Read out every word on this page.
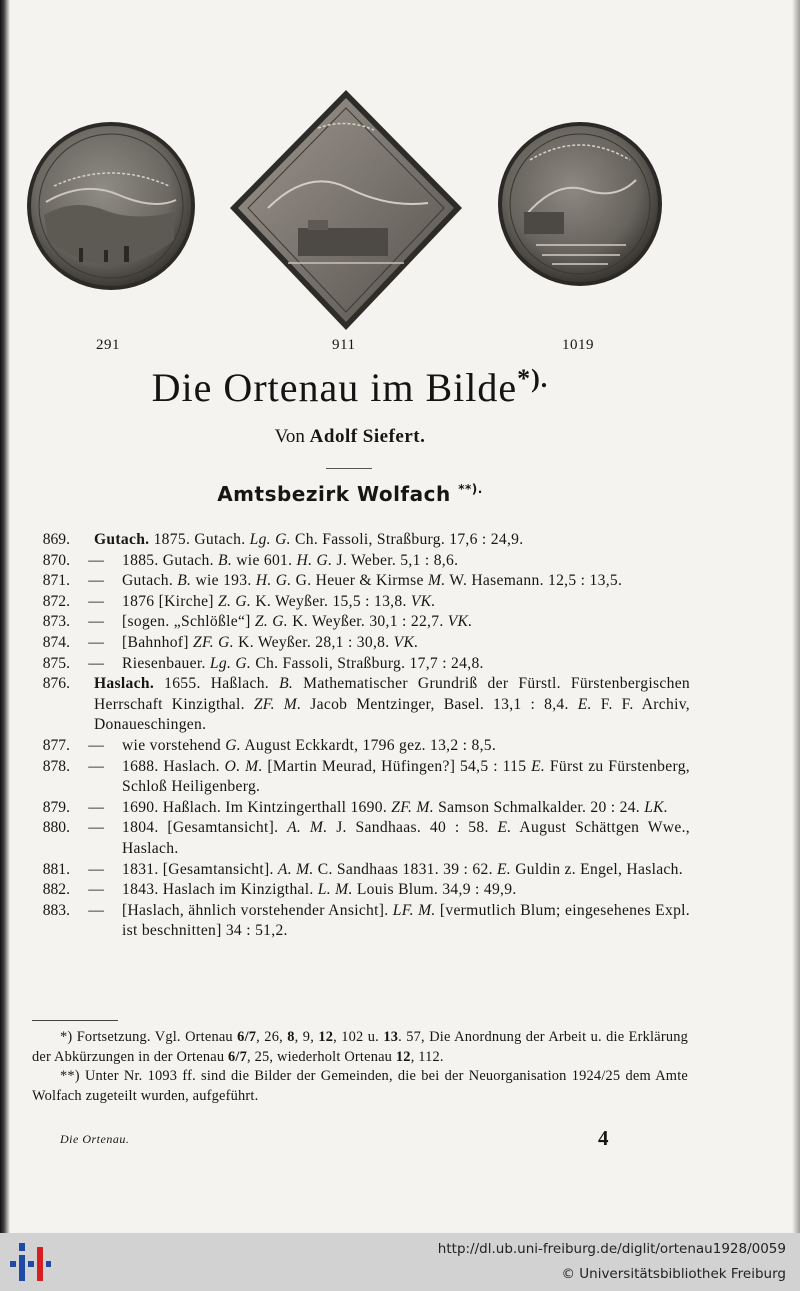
291	911	1019
Die Ortenau im Bilde*).
Von Adolf Siefert.
Amtsbezirk Wolfach **).
869. Gutach. 1875. Gutach. Lg. G. Ch. Fassoli, Straßburg. 17,6 : 24,9.
870.	—	1885. Gutach. B. wie 601. H. G. J. Weber. 5,1 : 8,6.
871.	—	Gutach. B. wie 193. H. G. G. Heuer & Kirmse M. W. Hasemann. 12,5 : 13,5.
872.	—	1876 [Kirche] Z. G. K. Weyßer. 15,5 : 13,8. VK.
873.	—	[sogen. „Schlößle“] Z. G. K. Weyßer. 30,1 : 22,7. VK.
874.	—	[Bahnhof] ZF. G. K. Weyßer. 28,1 : 30,8. VK.
875.	—	Riesenbauer. Lg. G. Ch. Fassoli, Straßburg. 17,7 : 24,8.
876. Haslach. 1655. Haßlach. B. Mathematischer Grundriß der Fürstl. Fürstenbergischen Herrschaft Kinzigthal. ZF. M. Jacob Mentzinger, Basel. 13,1 : 8,4. E. F. F. Archiv, Donaueschingen.
877.	—	wie vorstehend G. August Eckkardt, 1796 gez. 13,2 : 8,5.
878.	—	1688. Haslach. O. M. [Martin Meurad, Hüfingen?] 54,5 : 115 E. Fürst zu Fürstenberg, Schloß Heiligenberg.
879.	—	1690. Haßlach. Im Kintzingerthall 1690. ZF. M. Samson Schmalkalder. 20 : 24. LK.
880.	—	1804. [Gesamtansicht]. A. M. J. Sandhaas. 40 : 58. E. August Schättgen Wwe., Haslach.
881.	—	1831. [Gesamtansicht]. A. M. C. Sandhaas 1831. 39 : 62. E. Guldin z. Engel, Haslach.
882.	—	1843. Haslach im Kinzigthal. L. M. Louis Blum. 34,9 : 49,9.
883.	—	[Haslach, ähnlich vorstehender Ansicht]. LF. M. [vermutlich Blum; eingesehenes Expl. ist beschnitten] 34 : 51,2.

*) Fortsetzung. Vgl. Ortenau 6/7, 26, 8, 9, 12, 102 u. 13. 57, Die Anordnung der Arbeit u. die Erklärung der Abkürzungen in der Ortenau 6/7, 25, wiederholt Ortenau 12, 112.

**) Unter Nr. 1093 ff. sind die Bilder der Gemeinden, die bei der Neuorganisation 1924/25 dem Amte Wolfach zugeteilt wurden, aufgeführt.

Die Ortenau.	4
http://dl.ub.uni-freiburg.de/diglit/ortenau1928/0059
© Universitätsbibliothek Freiburg
